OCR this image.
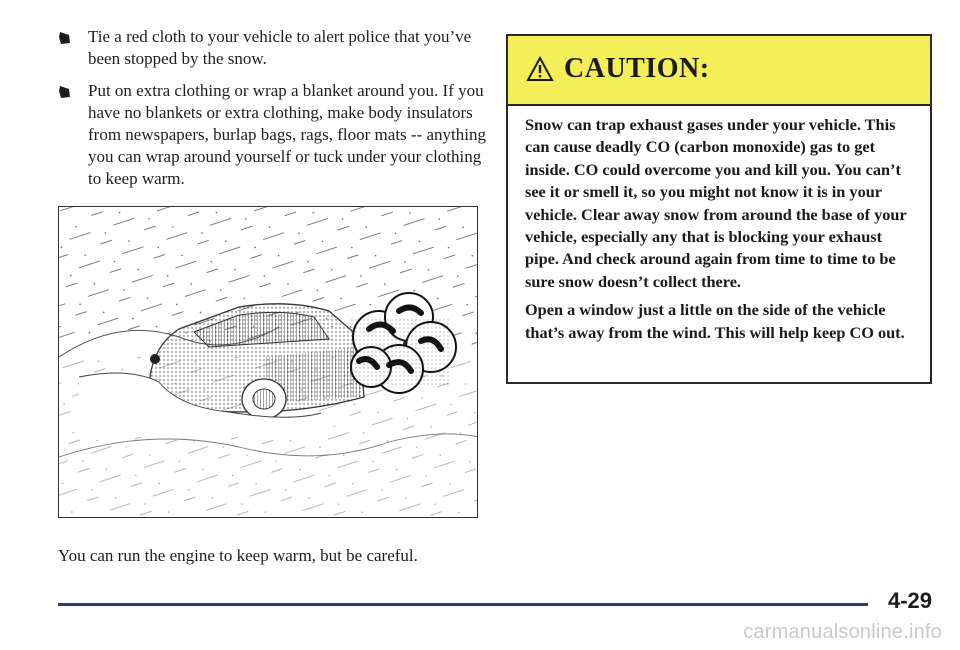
Tie a red cloth to your vehicle to alert police that you’ve been stopped by the snow.
Put on extra clothing or wrap a blanket around you. If you have no blankets or extra clothing, make body insulators from newspapers, burlap bags, rags, floor mats -- anything you can wrap around yourself or tuck under your clothing to keep warm.
You can run the engine to keep warm, but be careful.
CAUTION:

Snow can trap exhaust gases under your vehicle. This can cause deadly CO (carbon monoxide) gas to get inside. CO could overcome you and kill you. You can’t see it or smell it, so you might not know it is in your vehicle. Clear away snow from around the base of your vehicle, especially any that is blocking your exhaust pipe. And check around again from time to time to be sure snow doesn’t collect there.

Open a window just a little on the side of the vehicle that’s away from the wind. This will help keep CO out.

4-29
carmanualsonline.info
